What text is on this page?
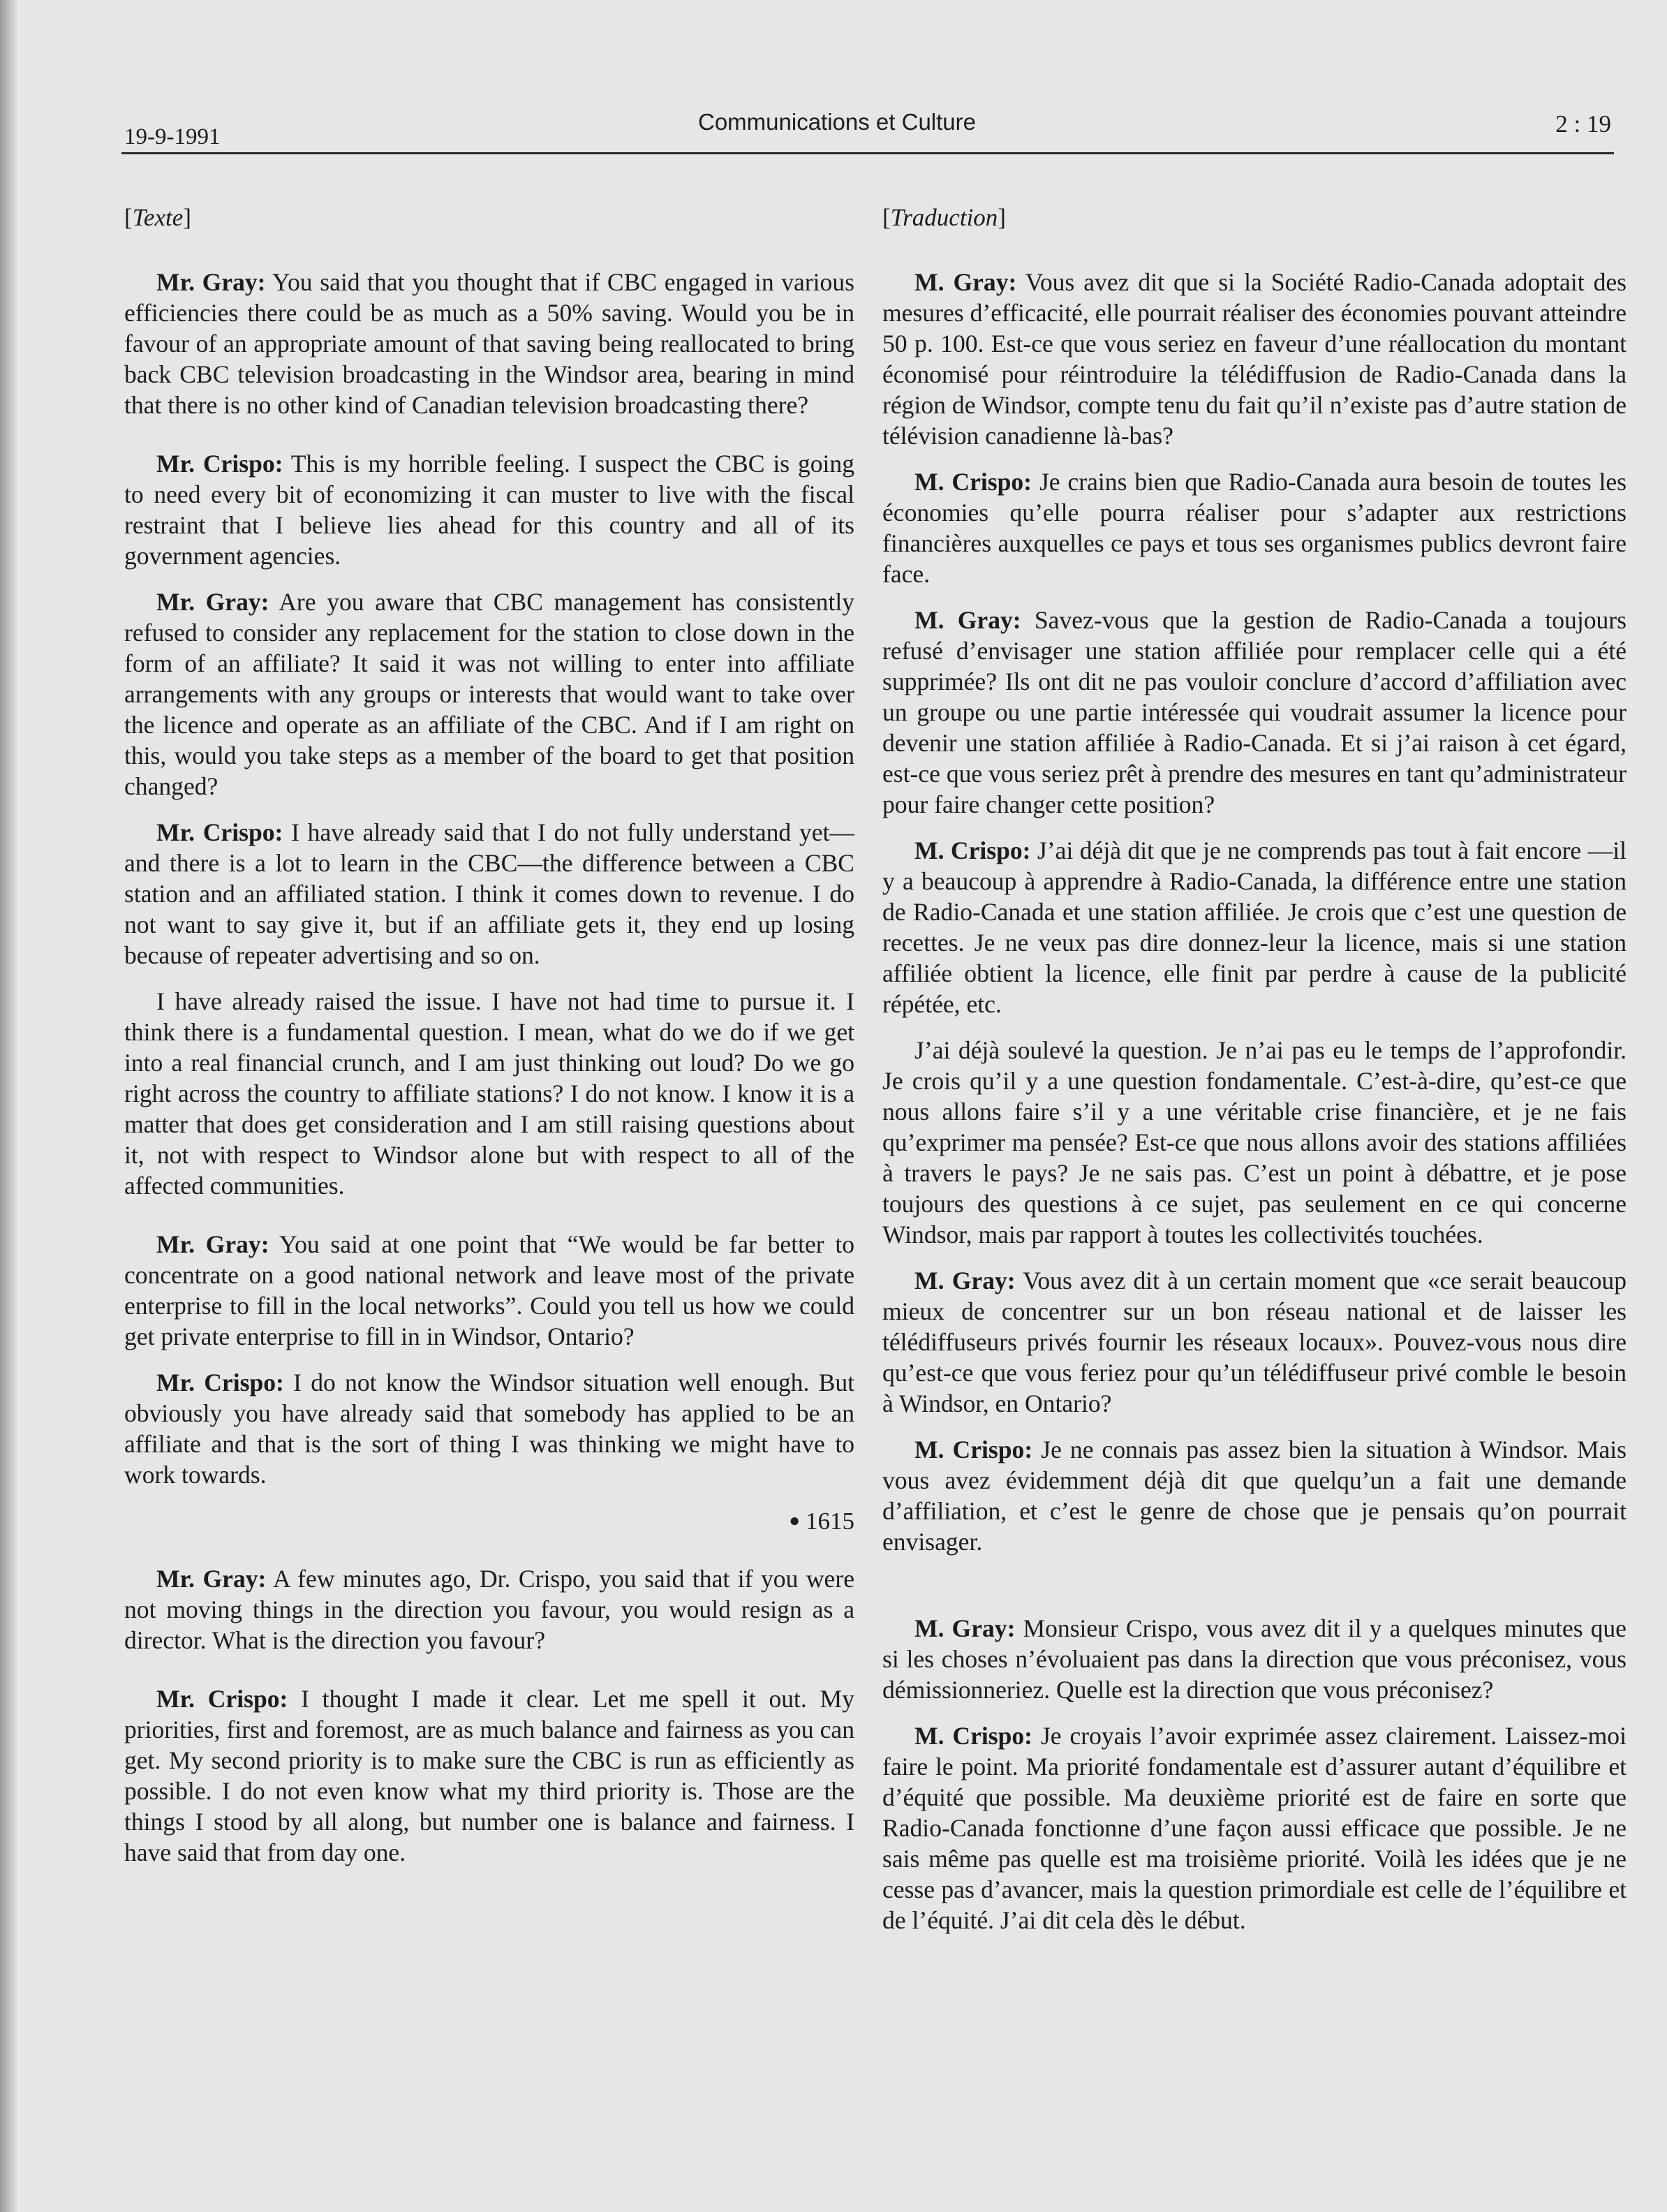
19-9-1991
Communications et Culture	2 : 19
[Texte]

Mr. Gray: You said that you thought that if CBC engaged in various efficiencies there could be as much as a 50% saving. Would you be in favour of an appropriate amount of that saving being reallocated to bring back CBC television broadcasting in the Windsor area, bearing in mind that there is no other kind of Canadian television broadcasting there?

Mr. Crispo: This is my horrible feeling. I suspect the CBC is going to need every bit of economizing it can muster to live with the fiscal restraint that I believe lies ahead for this country and all of its government agencies.

Mr. Gray: Are you aware that CBC management has consistently refused to consider any replacement for the station to close down in the form of an affiliate? It said it was not willing to enter into affiliate arrangements with any groups or interests that would want to take over the licence and operate as an affiliate of the CBC. And if I am right on this, would you take steps as a member of the board to get that position changed?

Mr. Crispo: I have already said that I do not fully understand yet—and there is a lot to learn in the CBC—the difference between a CBC station and an affiliated station. I think it comes down to revenue. I do not want to say give it, but if an affiliate gets it, they end up losing because of repeater advertising and so on.

I have already raised the issue. I have not had time to pursue it. I think there is a fundamental question. I mean, what do we do if we get into a real financial crunch, and I am just thinking out loud? Do we go right across the country to affiliate stations? I do not know. I know it is a matter that does get consideration and I am still raising questions about it, not with respect to Windsor alone but with respect to all of the affected communities.

Mr. Gray: You said at one point that “We would be far better to concentrate on a good national network and leave most of the private enterprise to fill in the local networks”. Could you tell us how we could get private enterprise to fill in in Windsor, Ontario?

Mr. Crispo: I do not know the Windsor situation well enough. But obviously you have already said that somebody has applied to be an affiliate and that is the sort of thing I was thinking we might have to work towards.

● 1615

Mr. Gray: A few minutes ago, Dr. Crispo, you said that if you were not moving things in the direction you favour, you would resign as a director. What is the direction you favour?

Mr. Crispo: I thought I made it clear. Let me spell it out. My priorities, first and foremost, are as much balance and fairness as you can get. My second priority is to make sure the CBC is run as efficiently as possible. I do not even know what my third priority is. Those are the things I stood by all along, but number one is balance and fairness. I have said that from day one.

[Traduction]

M. Gray: Vous avez dit que si la Société Radio-Canada adoptait des mesures d’efficacité, elle pourrait réaliser des économies pouvant atteindre 50 p. 100. Est-ce que vous seriez en faveur d’une réallocation du montant économisé pour réintroduire la télédiffusion de Radio-Canada dans la région de Windsor, compte tenu du fait qu’il n’existe pas d’autre station de télévision canadienne là-bas?

M. Crispo: Je crains bien que Radio-Canada aura besoin de toutes les économies qu’elle pourra réaliser pour s’adapter aux restrictions financières auxquelles ce pays et tous ses organismes publics devront faire face.

M. Gray: Savez-vous que la gestion de Radio-Canada a toujours refusé d’envisager une station affiliée pour remplacer celle qui a été supprimée? Ils ont dit ne pas vouloir conclure d’accord d’affiliation avec un groupe ou une partie intéressée qui voudrait assumer la licence pour devenir une station affiliée à Radio-Canada. Et si j’ai raison à cet égard, est-ce que vous seriez prêt à prendre des mesures en tant qu’administrateur pour faire changer cette position?

M. Crispo: J’ai déjà dit que je ne comprends pas tout à fait encore —il y a beaucoup à apprendre à Radio-Canada, la différence entre une station de Radio-Canada et une station affiliée. Je crois que c’est une question de recettes. Je ne veux pas dire donnez-leur la licence, mais si une station affiliée obtient la licence, elle finit par perdre à cause de la publicité répétée, etc.

J’ai déjà soulevé la question. Je n’ai pas eu le temps de l’approfondir. Je crois qu’il y a une question fondamentale. C’est-à-dire, qu’est-ce que nous allons faire s’il y a une véritable crise financière, et je ne fais qu’exprimer ma pensée? Est-ce que nous allons avoir des stations affiliées à travers le pays? Je ne sais pas. C’est un point à débattre, et je pose toujours des questions à ce sujet, pas seulement en ce qui concerne Windsor, mais par rapport à toutes les collectivités touchées.

M. Gray: Vous avez dit à un certain moment que «ce serait beaucoup mieux de concentrer sur un bon réseau national et de laisser les télédiffuseurs privés fournir les réseaux locaux». Pouvez-vous nous dire qu’est-ce que vous feriez pour qu’un télédiffuseur privé comble le besoin à Windsor, en Ontario?

M. Crispo: Je ne connais pas assez bien la situation à Windsor. Mais vous avez évidemment déjà dit que quelqu’un a fait une demande d’affiliation, et c’est le genre de chose que je pensais qu’on pourrait envisager.

M. Gray: Monsieur Crispo, vous avez dit il y a quelques minutes que si les choses n’évoluaient pas dans la direction que vous préconisez, vous démissionneriez. Quelle est la direction que vous préconisez?

M. Crispo: Je croyais l’avoir exprimée assez clairement. Laissez-moi faire le point. Ma priorité fondamentale est d’assurer autant d’équilibre et d’équité que possible. Ma deuxième priorité est de faire en sorte que Radio-Canada fonctionne d’une façon aussi efficace que possible. Je ne sais même pas quelle est ma troisième priorité. Voilà les idées que je ne cesse pas d’avancer, mais la question primordiale est celle de l’équilibre et de l’équité. J’ai dit cela dès le début.
